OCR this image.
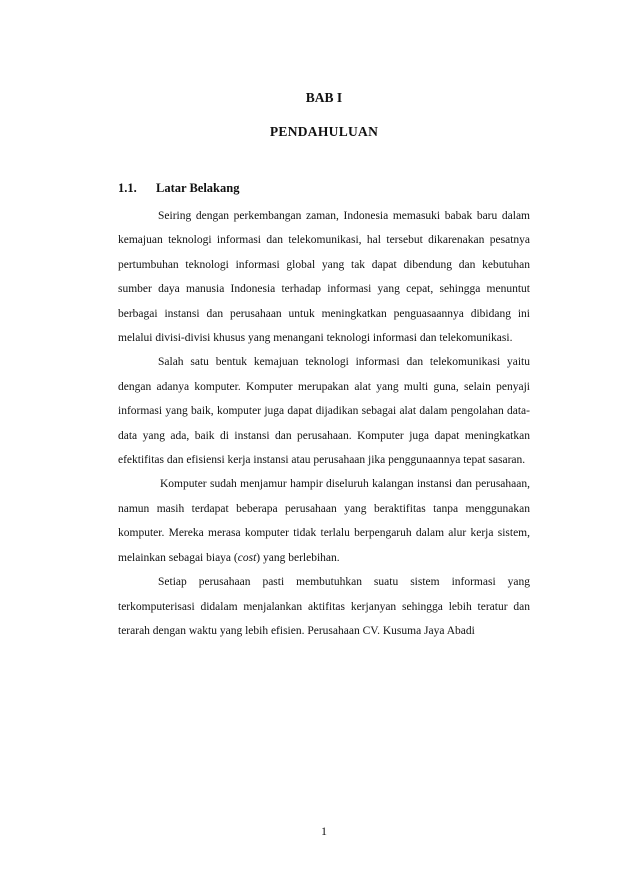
BAB I
PENDAHULUAN
1.1. Latar Belakang

Seiring dengan perkembangan zaman, Indonesia memasuki babak baru dalam kemajuan teknologi informasi dan telekomunikasi, hal tersebut dikarenakan pesatnya pertumbuhan teknologi informasi global yang tak dapat dibendung dan kebutuhan sumber daya manusia Indonesia terhadap informasi yang cepat, sehingga menuntut berbagai instansi dan perusahaan untuk meningkatkan penguasaannya dibidang ini melalui divisi-divisi khusus yang menangani teknologi informasi dan telekomunikasi.

Salah satu bentuk kemajuan teknologi informasi dan telekomunikasi yaitu dengan adanya komputer. Komputer merupakan alat yang multi guna, selain penyaji informasi yang baik, komputer juga dapat dijadikan sebagai alat dalam pengolahan data-data yang ada, baik di instansi dan perusahaan. Komputer juga dapat meningkatkan efektifitas dan efisiensi kerja instansi atau perusahaan jika penggunaannya tepat sasaran.

Komputer sudah menjamur hampir diseluruh kalangan instansi dan perusahaan, namun masih terdapat beberapa perusahaan yang beraktifitas tanpa menggunakan komputer. Mereka merasa komputer tidak terlalu berpengaruh dalam alur kerja sistem, melainkan sebagai biaya (cost) yang berlebihan.

Setiap perusahaan pasti membutuhkan suatu sistem informasi yang terkomputerisasi didalam menjalankan aktifitas kerjanyan sehingga lebih teratur dan terarah dengan waktu yang lebih efisien. Perusahaan CV. Kusuma Jaya Abadi

1
